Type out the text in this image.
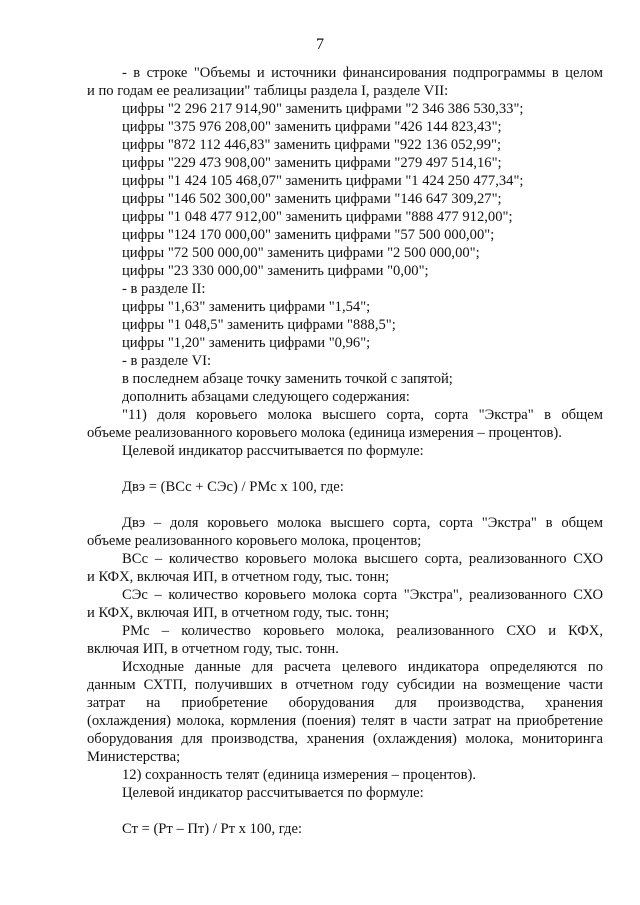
7
- в строке "Объемы и источники финансирования подпрограммы в целом
и по годам ее реализации" таблицы раздела I, разделе VII:
цифры "2 296 217 914,90" заменить цифрами "2 346 386 530,33";
цифры "375 976 208,00" заменить цифрами "426 144 823,43";
цифры "872 112 446,83" заменить цифрами "922 136 052,99";
цифры "229 473 908,00" заменить цифрами "279 497 514,16";
цифры "1 424 105 468,07" заменить цифрами "1 424 250 477,34";
цифры "146 502 300,00" заменить цифрами "146 647 309,27";
цифры "1 048 477 912,00" заменить цифрами "888 477 912,00";
цифры "124 170 000,00" заменить цифрами "57 500 000,00";
цифры "72 500 000,00" заменить цифрами "2 500 000,00";
цифры "23 330 000,00" заменить цифрами "0,00";
- в разделе II:
цифры "1,63" заменить цифрами "1,54";
цифры "1 048,5" заменить цифрами "888,5";
цифры "1,20" заменить цифрами "0,96";
- в разделе VI:
в последнем абзаце точку заменить точкой с запятой;
дополнить абзацами следующего содержания:
"11) доля коровьего молока высшего сорта, сорта "Экстра" в общем
объеме реализованного коровьего молока (единица измерения – процентов).
Целевой индикатор рассчитывается по формуле:
Двэ = (ВСс + СЭс) / РМс х 100, где:
Двэ – доля коровьего молока высшего сорта, сорта "Экстра" в общем
объеме реализованного коровьего молока, процентов;
ВСс – количество коровьего молока высшего сорта, реализованного СХО
и КФХ, включая ИП, в отчетном году, тыс. тонн;
СЭс – количество коровьего молока сорта "Экстра", реализованного СХО
и КФХ, включая ИП, в отчетном году, тыс. тонн;
РМс – количество коровьего молока, реализованного СХО и КФХ,
включая ИП, в отчетном году, тыс. тонн.
Исходные данные для расчета целевого индикатора определяются по
данным СХТП, получивших в отчетном году субсидии на возмещение части
затрат на приобретение оборудования для производства, хранения
(охлаждения) молока, кормления (поения) телят в части затрат на приобретение
оборудования для производства, хранения (охлаждения) молока, мониторинга
Министерства;
12) сохранность телят (единица измерения – процентов).
Целевой индикатор рассчитывается по формуле:
Ст = (Рт – Пт) / Рт х 100, где:
